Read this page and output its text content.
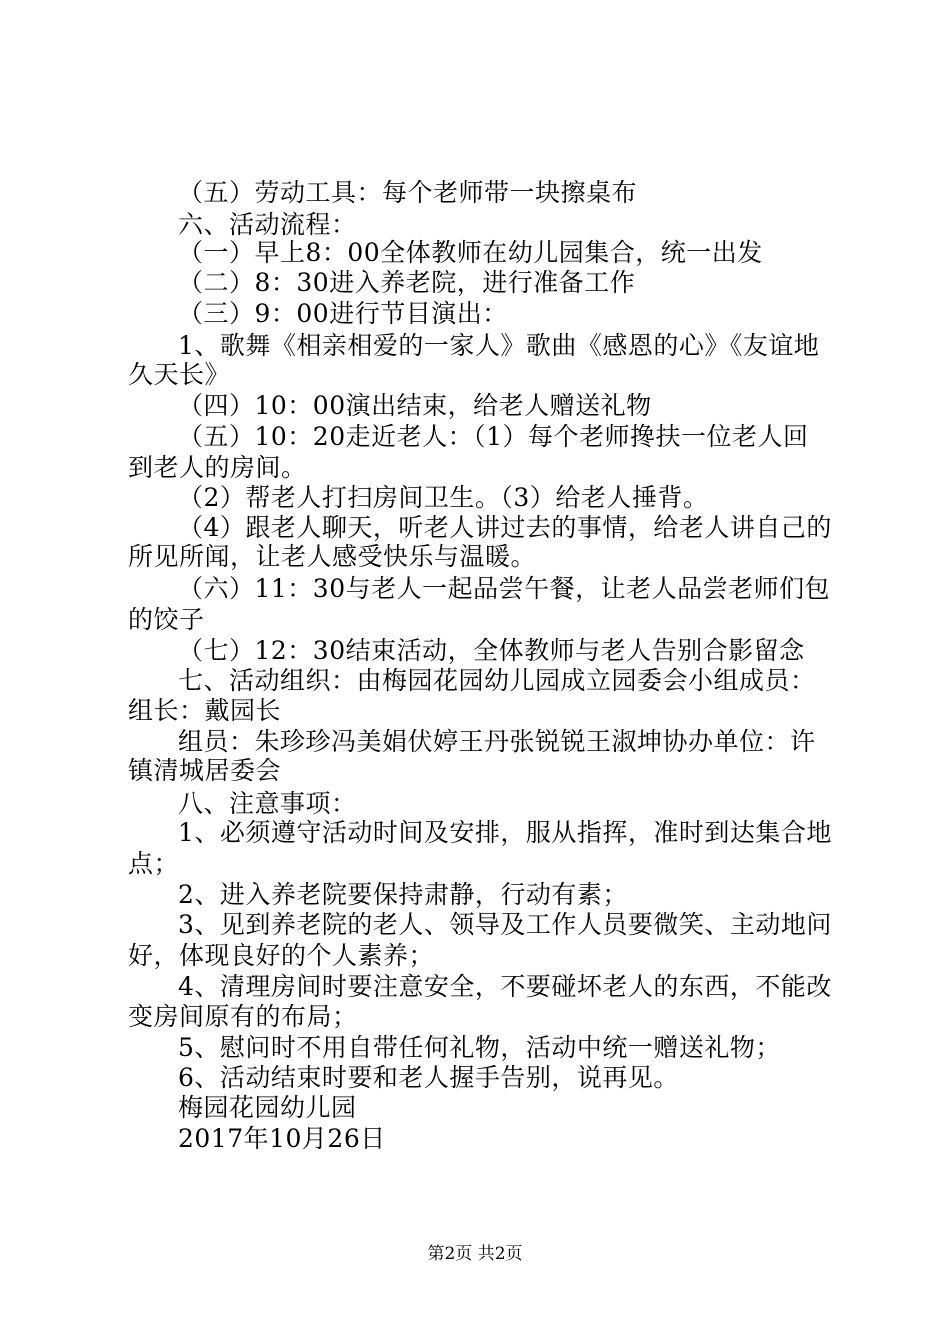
（五）劳动工具：每个老师带一块擦桌布
六、活动流程：
（一）早上8：00全体教师在幼儿园集合，统一出发
（二）8：30进入养老院，进行准备工作
（三）9：00进行节目演出：
1、歌舞《相亲相爱的一家人》歌曲《感恩的心》《友谊地
久天长》
（四）10：00演出结束，给老人赠送礼物
（五）10：20走近老人：（1）每个老师搀扶一位老人回
到老人的房间。
（2）帮老人打扫房间卫生。（3）给老人捶背。
（4）跟老人聊天，听老人讲过去的事情，给老人讲自己的
所见所闻，让老人感受快乐与温暖。
（六）11：30与老人一起品尝午餐，让老人品尝老师们包
的饺子
（七）12：30结束活动，全体教师与老人告别合影留念
七、活动组织：由梅园花园幼儿园成立园委会小组成员：
组长：戴园长
组员：朱珍珍冯美娟伏婷王丹张锐锐王淑坤协办单位：许
镇清城居委会
八、注意事项：
1、必须遵守活动时间及安排，服从指挥，准时到达集合地
点；
2、进入养老院要保持肃静，行动有素；
3、见到养老院的老人、领导及工作人员要微笑、主动地问
好，体现良好的个人素养；
4、清理房间时要注意安全，不要碰坏老人的东西，不能改
变房间原有的布局；
5、慰问时不用自带任何礼物，活动中统一赠送礼物；
6、活动结束时要和老人握手告别，说再见。
梅园花园幼儿园
2017年10月26日
第2页 共2页
